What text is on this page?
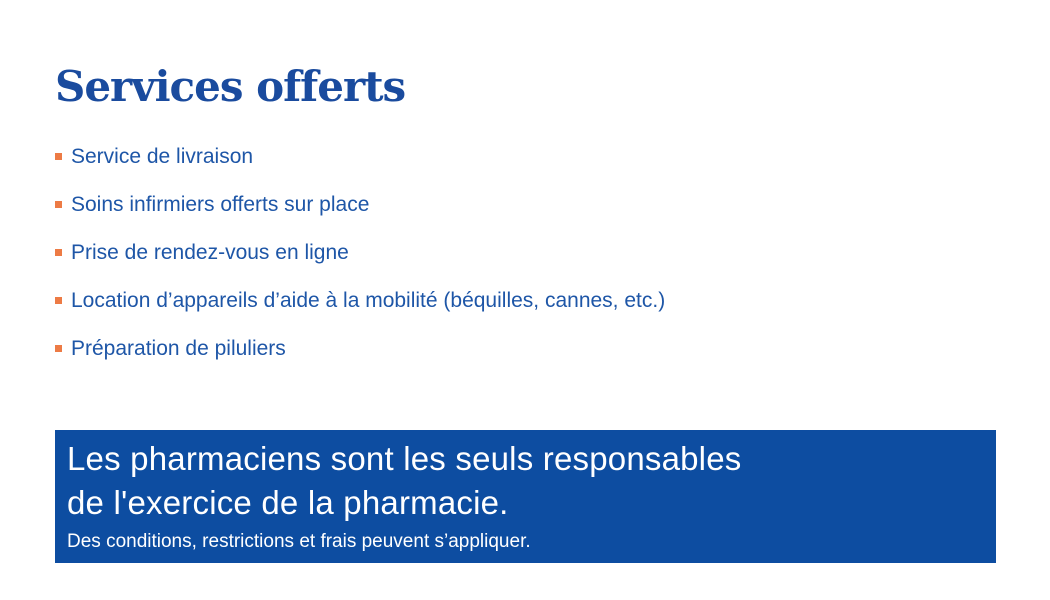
Services offerts
Service de livraison
Soins infirmiers offerts sur place
Prise de rendez-vous en ligne
Location d’appareils d’aide à la mobilité (béquilles, cannes, etc.)
Préparation de piluliers
Les pharmaciens sont les seuls responsables
de l'exercice de la pharmacie.
Des conditions, restrictions et frais peuvent s’appliquer.
